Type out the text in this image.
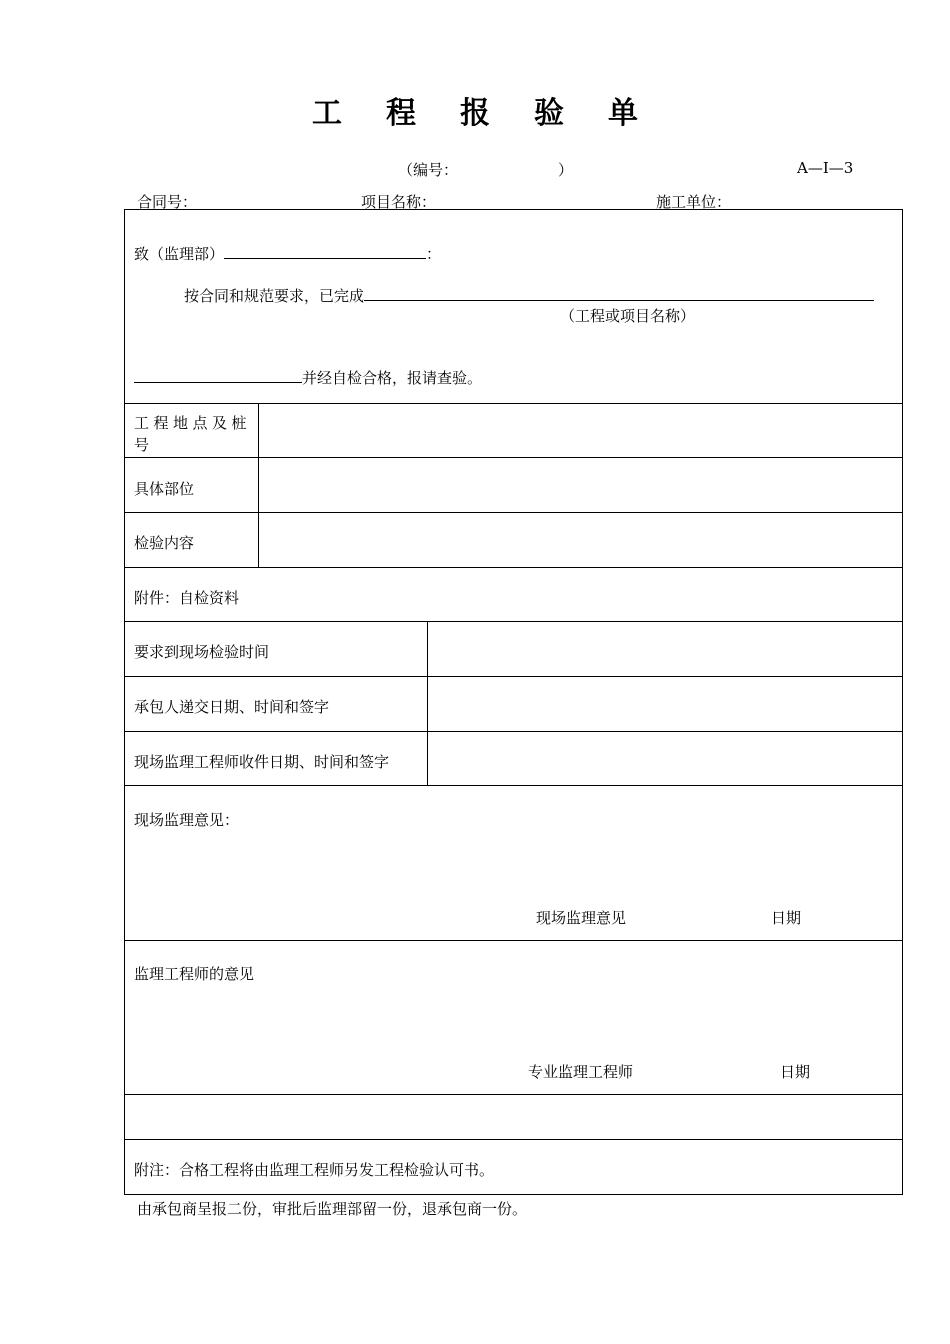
工程报验单
（编号：	）	A—Ⅰ—3
合同号：	项目名称：	施工单位：
致（监理部）	：
按合同和规范要求，已完成
（工程或项目名称）
并经自检合格，报请查验。
工程地点及桩号
具体部位
检验内容
附件：自检资料
要求到现场检验时间
承包人递交日期、时间和签字
现场监理工程师收件日期、时间和签字
现场监理意见：
现场监理意见	日期
监理工程师的意见
专业监理工程师	日期
附注：合格工程将由监理工程师另发工程检验认可书。
由承包商呈报二份，审批后监理部留一份，退承包商一份。
